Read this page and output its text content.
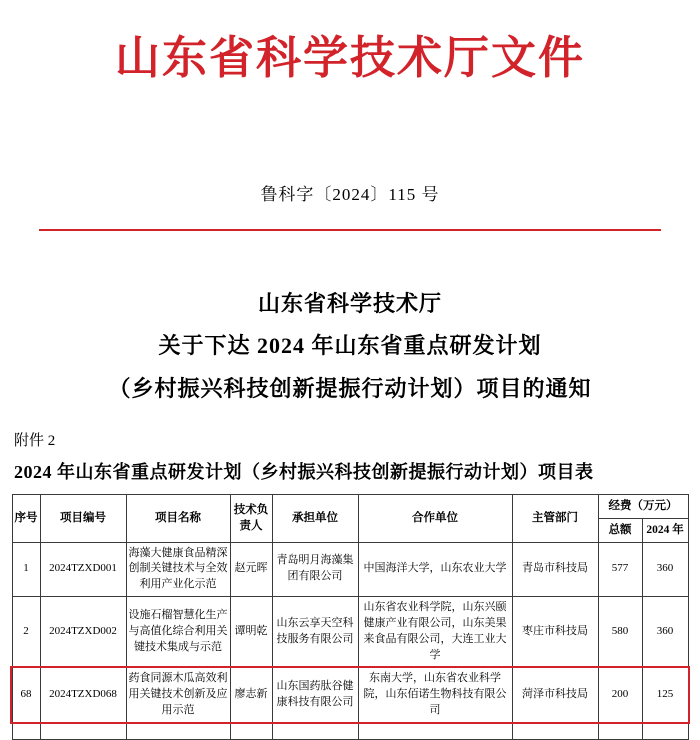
山东省科学技术厅文件
鲁科字〔2024〕115 号
山东省科学技术厅
关于下达 2024 年山东省重点研发计划
（乡村振兴科技创新提振行动计划）项目的通知
附件 2
2024 年山东省重点研发计划（乡村振兴科技创新提振行动计划）项目表
序号	项目编号	项目名称	技术负责人	承担单位	合作单位	主管部门	经费（万元）	
							总额	2024 年
1	2024TZXD001	海藻大健康食品精深创制关键技术与全效利用产业化示范	赵元晖	青岛明月海藻集团有限公司	中国海洋大学，山东农业大学	青岛市科技局	577	360
2	2024TZXD002	设施石榴智慧化生产与高值化综合利用关键技术集成与示范	谭明乾	山东云享天空科技服务有限公司	山东省农业科学院，山东兴颐健康产业有限公司，山东美果来食品有限公司，大连工业大学	枣庄市科技局	580	360
68	2024TZXD068	药食同源木瓜高效利用关键技术创新及应用示范	廖志新	山东国药肽谷健康科技有限公司	东南大学，山东省农业科学院，山东佰诺生物科技有限公司	菏泽市科技局	200	125
